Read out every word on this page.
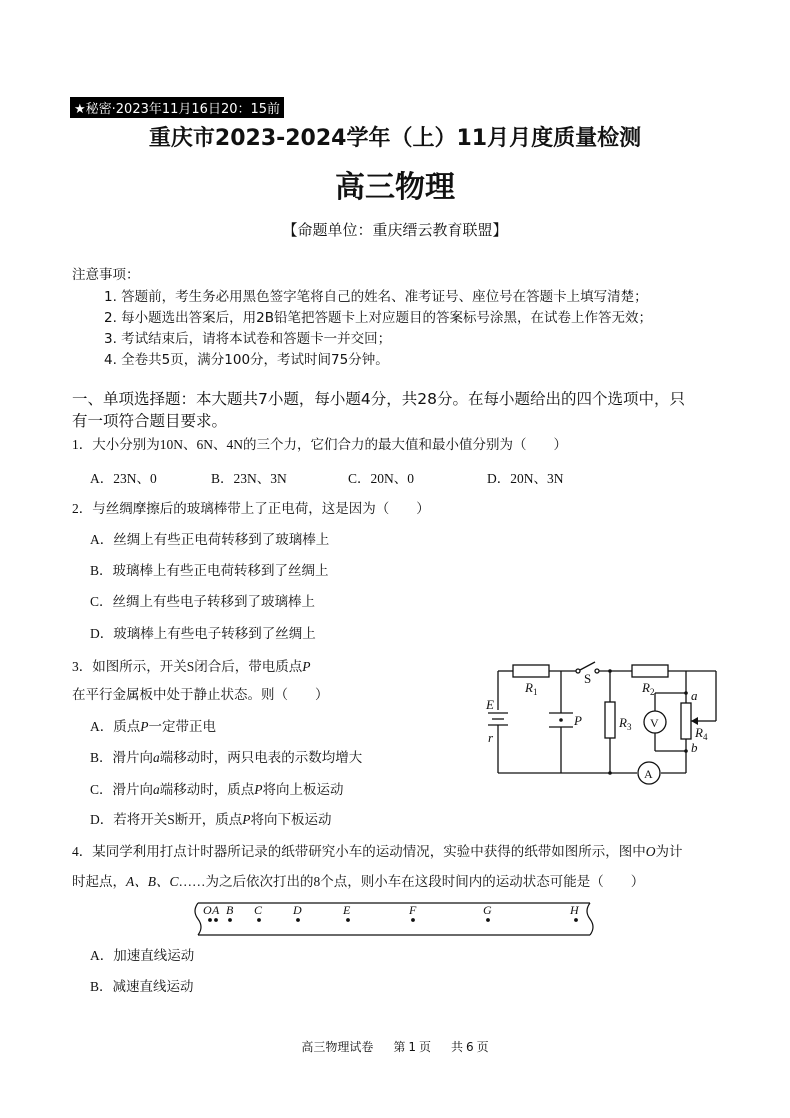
★秘密·2023年11月16日20：15前
重庆市2023-2024学年（上）11月月度质量检测
高三物理
【命题单位：重庆缙云教育联盟】
注意事项：
1. 答题前，考生务必用黑色签字笔将自己的姓名、准考证号、座位号在答题卡上填写清楚；
2. 每小题选出答案后，用2B铅笔把答题卡上对应题目的答案标号涂黑，在试卷上作答无效；
3. 考试结束后，请将本试卷和答题卡一并交回；
4. 全卷共5页，满分100分，考试时间75分钟。
一、单项选择题：本大题共7小题，每小题4分，共28分。在每小题给出的四个选项中，只
有一项符合题目要求。
1．大小分别为10N、6N、4N的三个力，它们合力的最大值和最小值分别为（　　）
A．23N、0	B．23N、3N	C．20N、0	D．20N、3N
2．与丝绸摩擦后的玻璃棒带上了正电荷，这是因为（　　）
A．丝绸上有些正电荷转移到了玻璃棒上
B．玻璃棒上有些正电荷转移到了丝绸上
C．丝绸上有些电子转移到了玻璃棒上
D．玻璃棒上有些电子转移到了丝绸上
3．如图所示，开关S闭合后，带电质点P
在平行金属板中处于静止状态。则（　　）
A．质点P一定带正电
B．滑片向a端移动时，两只电表的示数均增大
C．滑片向a端移动时，质点P将向上板运动
D．若将开关S断开，质点P将向下板运动
$R_1$	$R_2$
$R_3$	$R_4$
S
E
r
P
a
b
V
A
4．某同学利用打点计时器所记录的纸带研究小车的运动情况，实验中获得的纸带如图所示，图中O为计
时起点，A、B、C……为之后依次打出的8个点，则小车在这段时间内的运动状态可能是（　　）
O A B C	D	E	F	G	H
A．加速直线运动
B．减速直线运动
高三物理试卷 第 1 页 共 6 页
